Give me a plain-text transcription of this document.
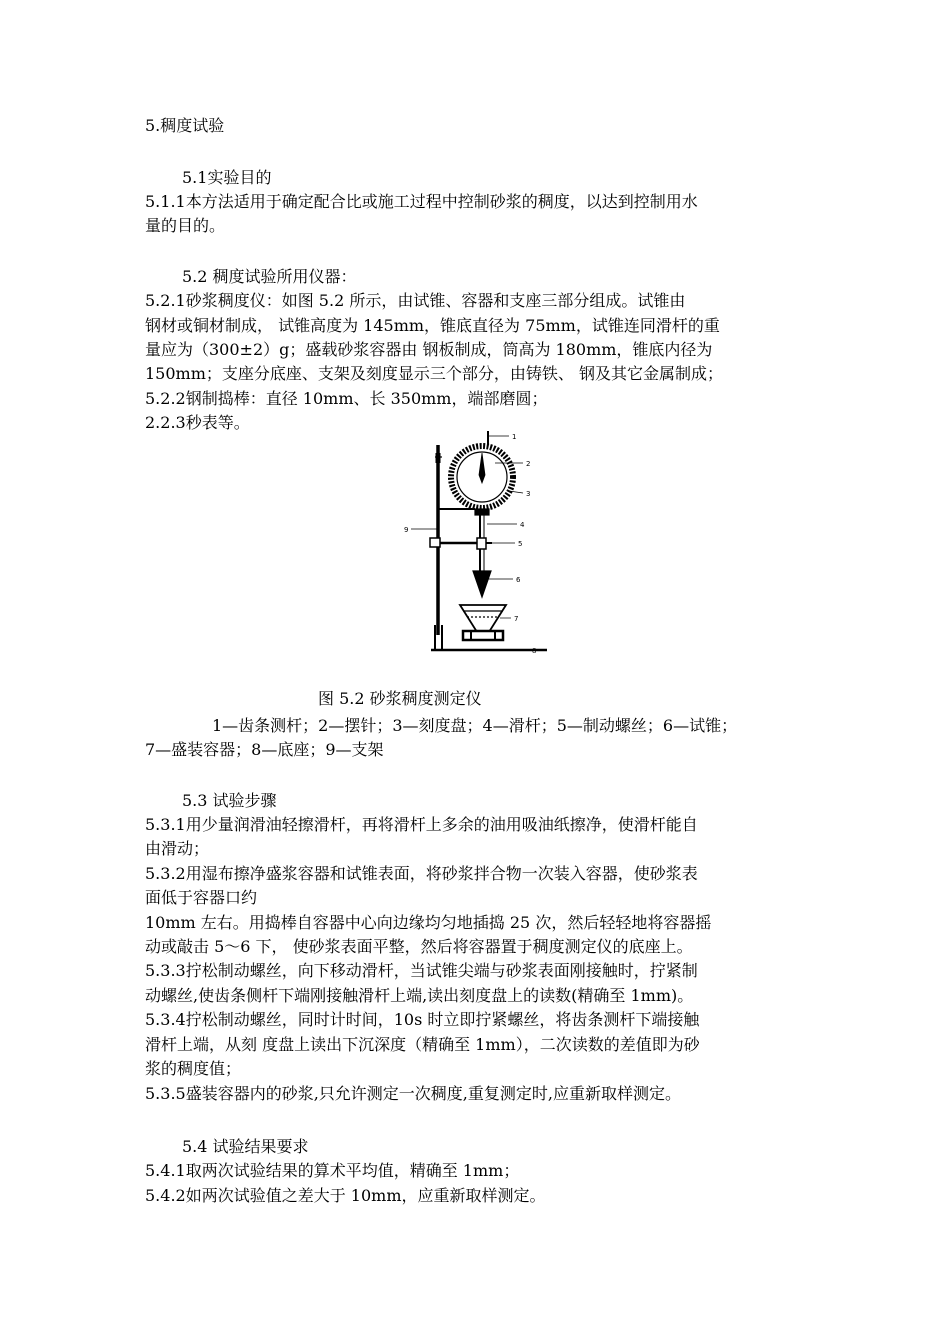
5.稠度试验
5.1实验目的
5.1.1本方法适用于确定配合比或施工过程中控制砂浆的稠度，以达到控制用水
量的目的。
5.2 稠度试验所用仪器：
5.2.1砂浆稠度仪：如图 5.2 所示，由试锥、容器和支座三部分组成。试锥由
钢材或铜材制成， 试锥高度为 145mm，锥底直径为 75mm，试锥连同滑杆的重
量应为（300±2）g；盛载砂浆容器由 钢板制成，筒高为 180mm，锥底内径为
150mm；支座分底座、支架及刻度显示三个部分，由铸铁、 钢及其它金属制成；
5.2.2钢制捣棒：直径 10mm、长 350mm，端部磨圆；
2.2.3秒表等。
1
2
3
4
5
6
7
8
9
图 5.2 砂浆稠度测定仪
1—齿条测杆；2—摆针；3—刻度盘；4—滑杆；5—制动螺丝；6—试锥；
7—盛装容器；8—底座；9—支架
5.3 试验步骤
5.3.1用少量润滑油轻擦滑杆，再将滑杆上多余的油用吸油纸擦净，使滑杆能自
由滑动；
5.3.2用湿布擦净盛浆容器和试锥表面，将砂浆拌合物一次装入容器，使砂浆表
面低于容器口约
10mm 左右。用捣棒自容器中心向边缘均匀地插捣 25 次，然后轻轻地将容器摇
动或敲击 5～6 下， 使砂浆表面平整，然后将容器置于稠度测定仪的底座上。
5.3.3拧松制动螺丝，向下移动滑杆，当试锥尖端与砂浆表面刚接触时，拧紧制
动螺丝,使齿条侧杆下端刚接触滑杆上端,读出刻度盘上的读数(精确至 1mm)。
5.3.4拧松制动螺丝，同时计时间，10s 时立即拧紧螺丝，将齿条测杆下端接触
滑杆上端，从刻 度盘上读出下沉深度（精确至 1mm），二次读数的差值即为砂
浆的稠度值；
5.3.5盛装容器内的砂浆,只允许测定一次稠度,重复测定时,应重新取样测定。
5.4 试验结果要求
5.4.1取两次试验结果的算术平均值，精确至 1mm；
5.4.2如两次试验值之差大于 10mm，应重新取样测定。
